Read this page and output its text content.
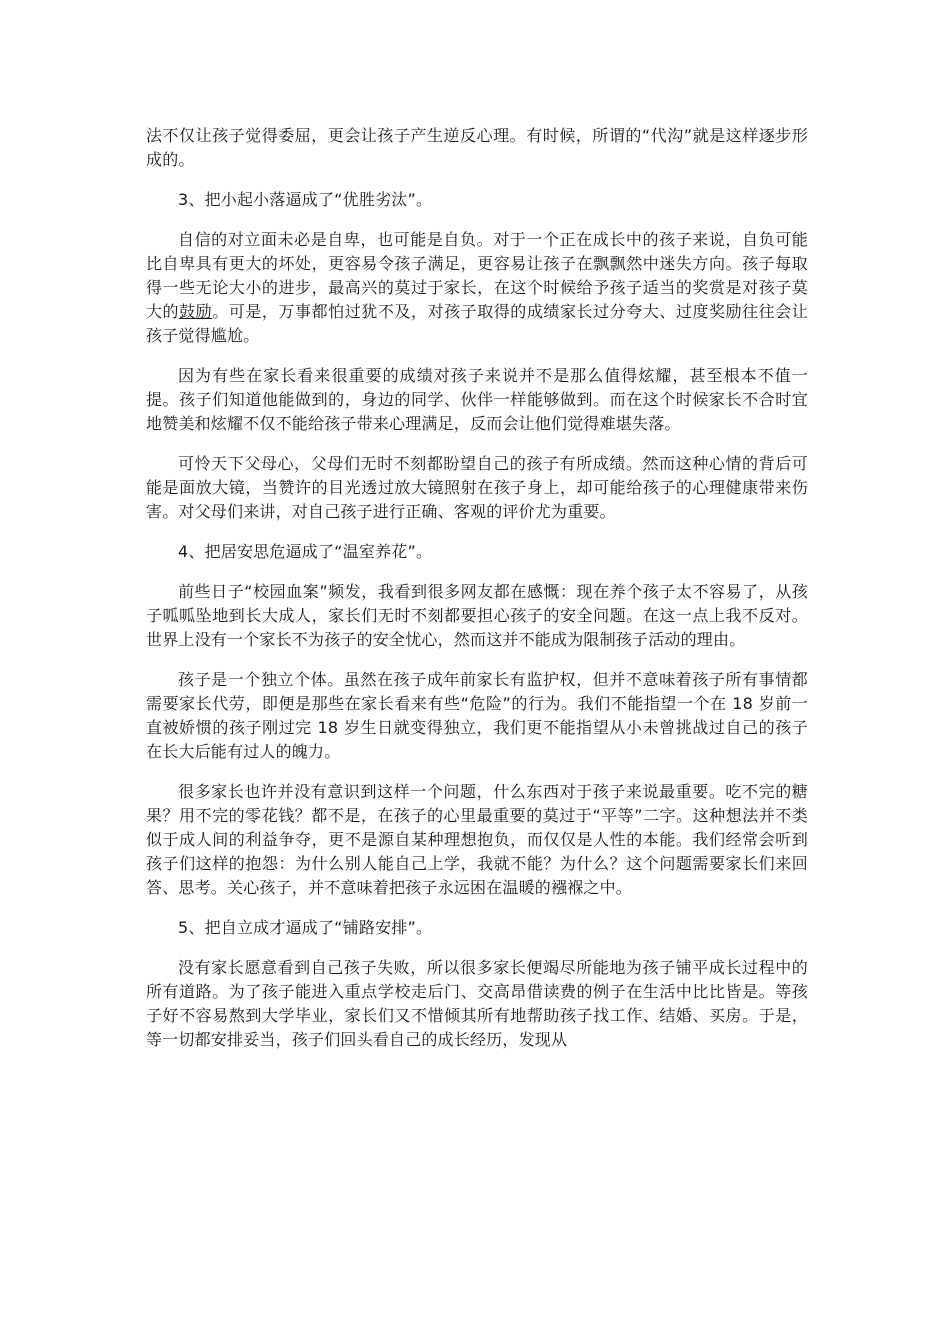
法不仅让孩子觉得委屈，更会让孩子产生逆反心理。有时候，所谓的“代沟”就是这样逐步形成的。

3、把小起小落逼成了“优胜劣汰”。

自信的对立面未必是自卑，也可能是自负。对于一个正在成长中的孩子来说，自负可能比自卑具有更大的坏处，更容易令孩子满足，更容易让孩子在飘飘然中迷失方向。孩子每取得一些无论大小的进步，最高兴的莫过于家长，在这个时候给予孩子适当的奖赏是对孩子莫大的鼓励。可是，万事都怕过犹不及，对孩子取得的成绩家长过分夸大、过度奖励往往会让孩子觉得尴尬。

因为有些在家长看来很重要的成绩对孩子来说并不是那么值得炫耀，甚至根本不值一提。孩子们知道他能做到的，身边的同学、伙伴一样能够做到。而在这个时候家长不合时宜地赞美和炫耀不仅不能给孩子带来心理满足，反而会让他们觉得难堪失落。

可怜天下父母心，父母们无时不刻都盼望自己的孩子有所成绩。然而这种心情的背后可能是面放大镜，当赞许的目光透过放大镜照射在孩子身上，却可能给孩子的心理健康带来伤害。对父母们来讲，对自己孩子进行正确、客观的评价尤为重要。

4、把居安思危逼成了“温室养花”。

前些日子“校园血案”频发，我看到很多网友都在感慨：现在养个孩子太不容易了，从孩子呱呱坠地到长大成人，家长们无时不刻都要担心孩子的安全问题。在这一点上我不反对。世界上没有一个家长不为孩子的安全忧心，然而这并不能成为限制孩子活动的理由。

孩子是一个独立个体。虽然在孩子成年前家长有监护权，但并不意味着孩子所有事情都需要家长代劳，即便是那些在家长看来有些“危险”的行为。我们不能指望一个在 18 岁前一直被娇惯的孩子刚过完 18 岁生日就变得独立，我们更不能指望从小未曾挑战过自己的孩子在长大后能有过人的魄力。

很多家长也许并没有意识到这样一个问题，什么东西对于孩子来说最重要。吃不完的糖果？用不完的零花钱？都不是，在孩子的心里最重要的莫过于“平等”二字。这种想法并不类似于成人间的利益争夺，更不是源自某种理想抱负，而仅仅是人性的本能。我们经常会听到孩子们这样的抱怨：为什么别人能自己上学，我就不能？为什么？这个问题需要家长们来回答、思考。关心孩子，并不意味着把孩子永远困在温暖的襁褓之中。

5、把自立成才逼成了“铺路安排”。

没有家长愿意看到自己孩子失败，所以很多家长便竭尽所能地为孩子铺平成长过程中的所有道路。为了孩子能进入重点学校走后门、交高昂借读费的例子在生活中比比皆是。等孩子好不容易熬到大学毕业，家长们又不惜倾其所有地帮助孩子找工作、结婚、买房。于是，等一切都安排妥当，孩子们回头看自己的成长经历，发现从
